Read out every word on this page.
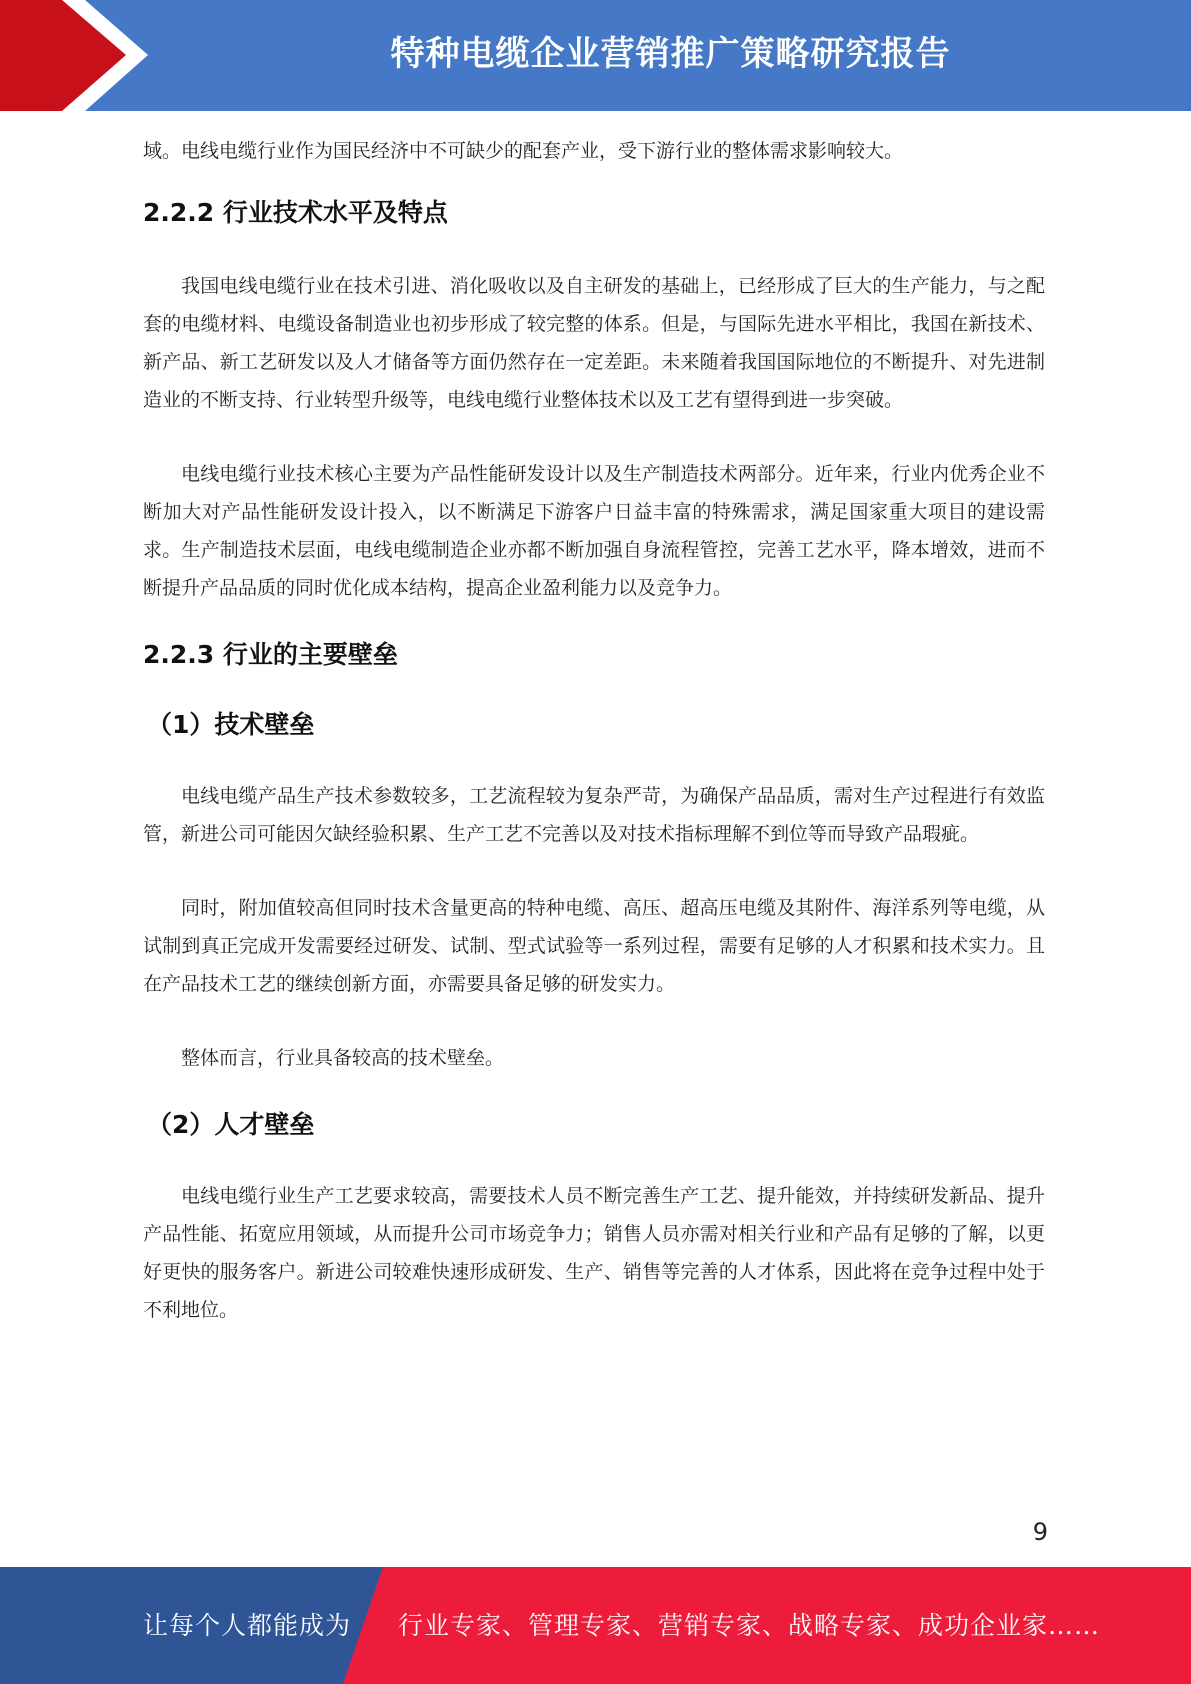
特种电缆企业营销推广策略研究报告

域。电线电缆行业作为国民经济中不可缺少的配套产业，受下游行业的整体需求影响较大。

2.2.2 行业技术水平及特点

我国电线电缆行业在技术引进、消化吸收以及自主研发的基础上，已经形成了巨大的生产能力，与之配套的电缆材料、电缆设备制造业也初步形成了较完整的体系。但是，与国际先进水平相比，我国在新技术、新产品、新工艺研发以及人才储备等方面仍然存在一定差距。未来随着我国国际地位的不断提升、对先进制造业的不断支持、行业转型升级等，电线电缆行业整体技术以及工艺有望得到进一步突破。

电线电缆行业技术核心主要为产品性能研发设计以及生产制造技术两部分。近年来，行业内优秀企业不断加大对产品性能研发设计投入，以不断满足下游客户日益丰富的特殊需求，满足国家重大项目的建设需求。生产制造技术层面，电线电缆制造企业亦都不断加强自身流程管控，完善工艺水平，降本增效，进而不断提升产品品质的同时优化成本结构，提高企业盈利能力以及竞争力。

2.2.3 行业的主要壁垒
（1）技术壁垒

电线电缆产品生产技术参数较多，工艺流程较为复杂严苛，为确保产品品质，需对生产过程进行有效监管，新进公司可能因欠缺经验积累、生产工艺不完善以及对技术指标理解不到位等而导致产品瑕疵。

同时，附加值较高但同时技术含量更高的特种电缆、高压、超高压电缆及其附件、海洋系列等电缆，从试制到真正完成开发需要经过研发、试制、型式试验等一系列过程，需要有足够的人才积累和技术实力。且在产品技术工艺的继续创新方面，亦需要具备足够的研发实力。

整体而言，行业具备较高的技术壁垒。

（2）人才壁垒

电线电缆行业生产工艺要求较高，需要技术人员不断完善生产工艺、提升能效，并持续研发新品、提升产品性能、拓宽应用领域，从而提升公司市场竞争力；销售人员亦需对相关行业和产品有足够的了解，以更好更快的服务客户。新进公司较难快速形成研发、生产、销售等完善的人才体系，因此将在竞争过程中处于不利地位。

9
让每个人都能成为 行业专家、管理专家、营销专家、战略专家、成功企业家……
